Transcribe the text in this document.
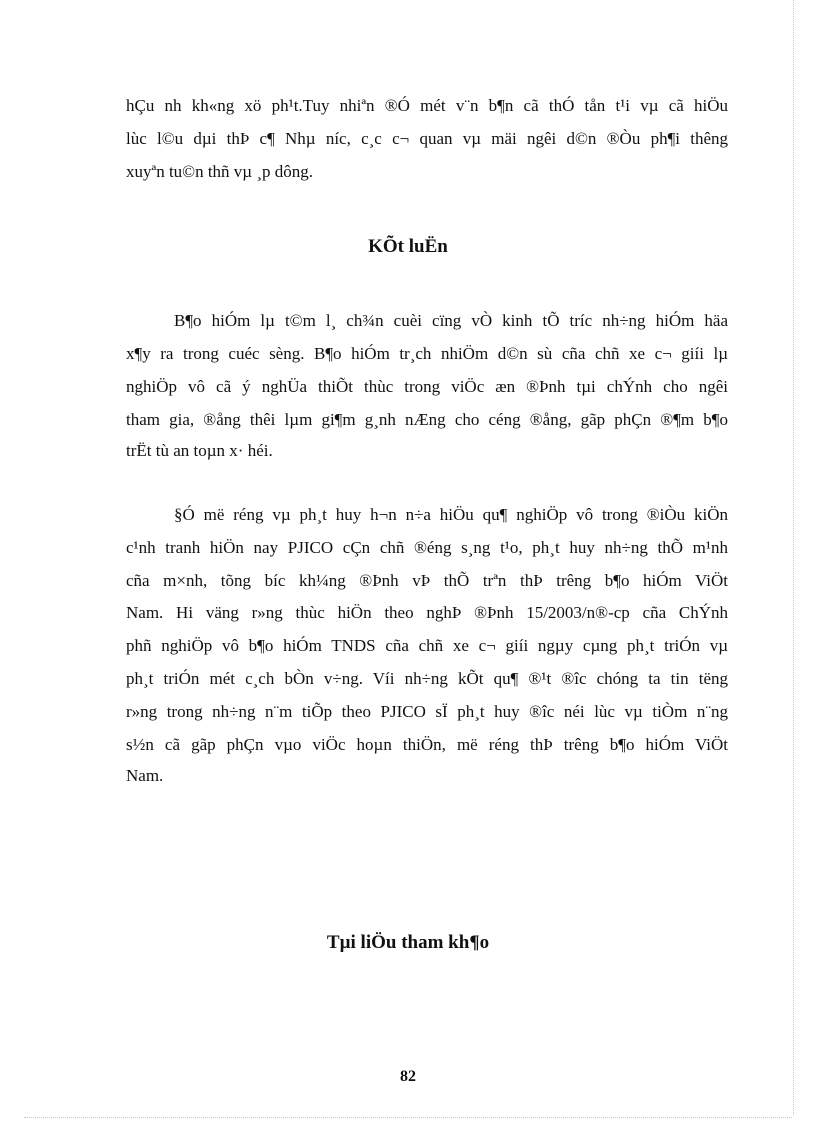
hÇu nh kh«ng xö ph¹t.Tuy nhiªn ®Ó mét v¨n b¶n cã thÓ tån t¹i vµ cã hiÖu
lùc l©u dµi thÞ c¶ Nhµ níc, c¸c c¬ quan vµ mäi ngêi d©n ®Òu ph¶i thêng
xuyªn tu©n thñ vµ ¸p dông.
KÕt luËn
B¶o hiÓm lµ t©m l¸ ch¾n cuèi cïng vÒ kinh tÕ tríc nh÷ng hiÓm häa
x¶y ra trong cuéc sèng. B¶o hiÓm tr¸ch nhiÖm d©n sù cña chñ xe c¬ giíi lµ
nghiÖp vô cã ý nghÜa thiÕt thùc trong viÖc æn ®Þnh tµi chÝnh cho ngêi
tham gia, ®ång thêi lµm gi¶m g¸nh nÆng cho céng ®ång, gãp phÇn ®¶m b¶o
trËt tù an toµn x· héi.
§Ó më réng vµ ph¸t huy h¬n n÷a hiÖu qu¶ nghiÖp vô trong ®iÒu kiÖn
c¹nh tranh hiÖn nay PJICO cÇn chñ ®éng s¸ng t¹o, ph¸t huy nh÷ng thÕ m¹nh
cña m×nh, tõng bíc kh¼ng ®Þnh vÞ thÕ trªn thÞ trêng b¶o hiÓm ViÖt
Nam. Hi väng r»ng thùc hiÖn theo nghÞ ®Þnh 15/2003/n®-cp cña ChÝnh
phñ nghiÖp vô b¶o hiÓm TNDS cña chñ xe c¬ giíi ngµy cµng ph¸t triÓn vµ
ph¸t triÓn mét c¸ch bÒn v÷ng. Víi nh÷ng kÕt qu¶ ®¹t ®îc chóng ta tin tëng
r»ng trong nh÷ng n¨m tiÕp theo PJICO sÏ ph¸t huy ®îc néi lùc vµ tiÒm n¨ng
s½n cã gãp phÇn vµo viÖc hoµn thiÖn, më réng thÞ trêng b¶o hiÓm ViÖt
Nam.
Tµi liÖu tham kh¶o
82
